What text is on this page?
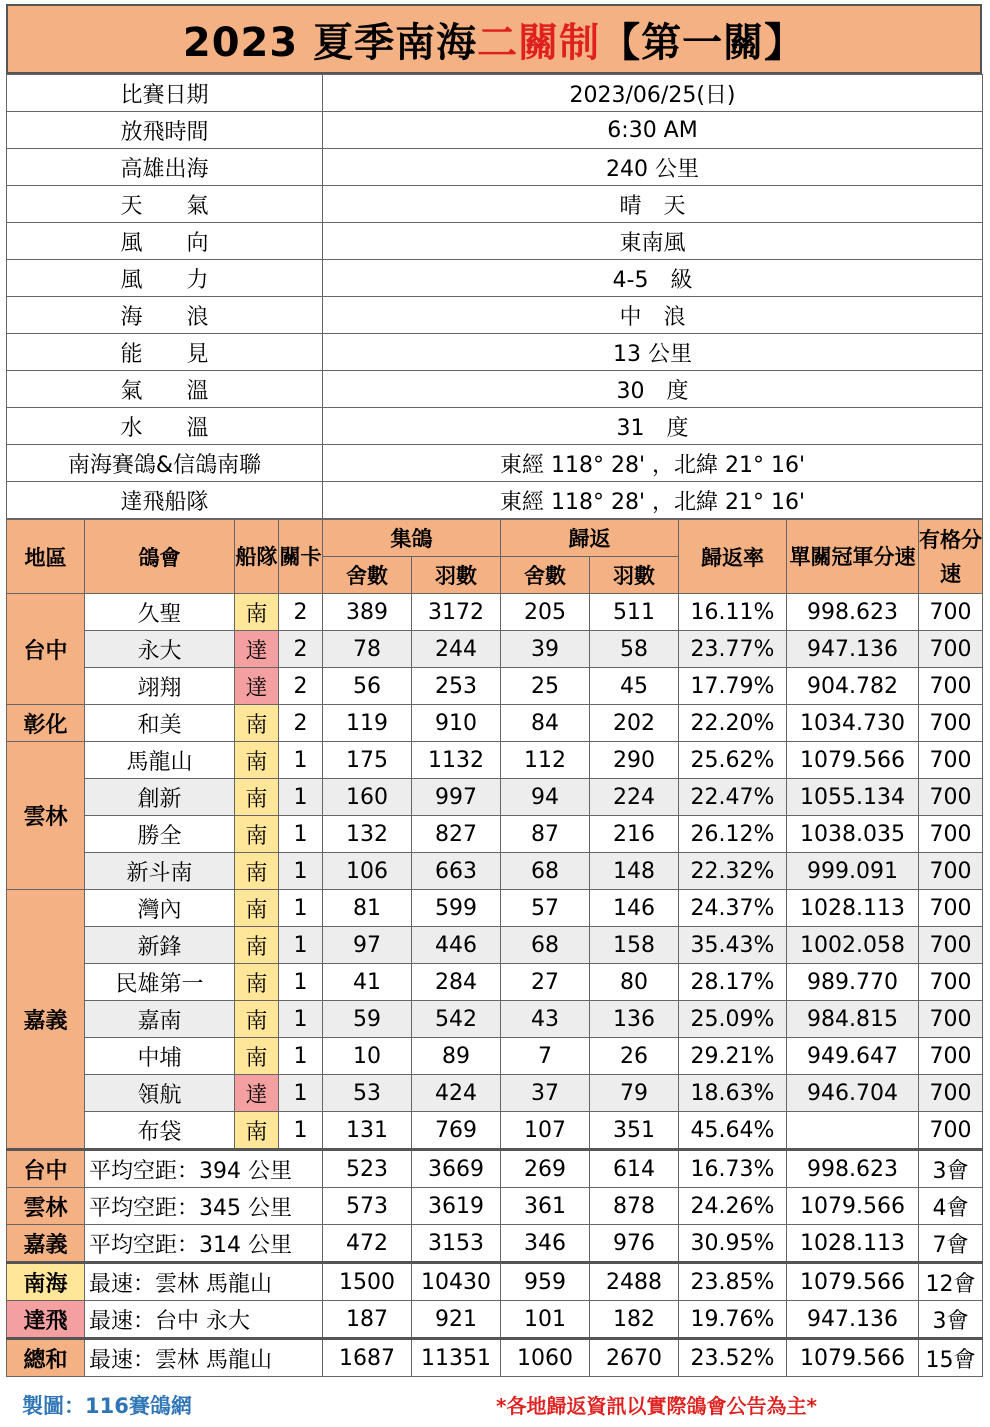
2023 夏季南海 二關制 【第一關】
比賽日期	2023/06/25(日)
放飛時間	6:30 AM
高雄出海	240 公里
天　　氣	晴　天
風　　向	東南風
風　　力	4-5　級
海　　浪	中　浪
能　　見	13 公里
氣　　溫	30　度
水　　溫	31　度
南海賽鴿&信鴿南聯	東經 118° 28' ，北緯 21° 16'
達飛船隊	東經 118° 28' ，北緯 21° 16'
地區	鴿會	船隊	關卡	集鴿		歸返		歸返率	單關冠軍分速	有格分速
				舍數	羽數	舍數	羽數			
台中	久聖	南	2	389	3172	205	511	16.11%	998.623	700
	永大	達	2	78	244	39	58	23.77%	947.136	700
	翊翔	達	2	56	253	25	45	17.79%	904.782	700
彰化	和美	南	2	119	910	84	202	22.20%	1034.730	700
雲林	馬龍山	南	1	175	1132	112	290	25.62%	1079.566	700
	創新	南	1	160	997	94	224	22.47%	1055.134	700
	勝全	南	1	132	827	87	216	26.12%	1038.035	700
	新斗南	南	1	106	663	68	148	22.32%	999.091	700
嘉義	灣內	南	1	81	599	57	146	24.37%	1028.113	700
	新鋒	南	1	97	446	68	158	35.43%	1002.058	700
	民雄第一	南	1	41	284	27	80	28.17%	989.770	700
	嘉南	南	1	59	542	43	136	25.09%	984.815	700
	中埔	南	1	10	89	7	26	29.21%	949.647	700
	領航	達	1	53	424	37	79	18.63%	946.704	700
	布袋	南	1	131	769	107	351	45.64%		700
台中	平均空距：394 公里			523	3669	269	614	16.73%	998.623	3會
雲林	平均空距：345 公里			573	3619	361	878	24.26%	1079.566	4會
嘉義	平均空距：314 公里			472	3153	346	976	30.95%	1028.113	7會
南海	最速：雲林 馬龍山			1500	10430	959	2488	23.85%	1079.566	12會
達飛	最速：台中 永大			187	921	101	182	19.76%	947.136	3會
總和	最速：雲林 馬龍山			1687	11351	1060	2670	23.52%	1079.566	15會
製圖：116賽鴿網	*各地歸返資訊以實際鴿會公告為主*
